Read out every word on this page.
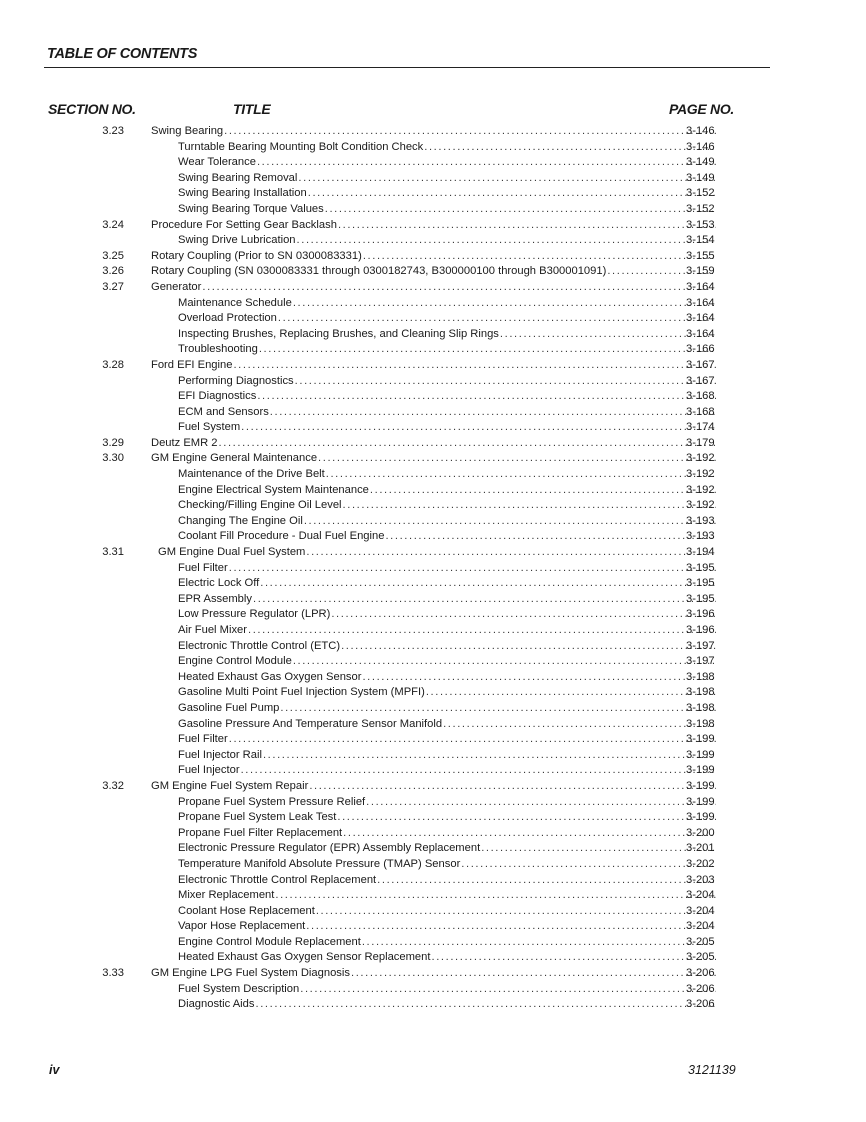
TABLE OF CONTENTS
SECTION NO.	TITLE	PAGE NO.
3.23 Swing Bearing .....	3-146
Turntable Bearing Mounting Bolt Condition Check .....	3-146
Wear Tolerance .....	3-149
Swing Bearing Removal .....	3-149
Swing Bearing Installation .....	3-152
Swing Bearing Torque Values .....	3-152
3.24 Procedure For Setting Gear Backlash .....	3-153
Swing Drive Lubrication .....	3-154
3.25 Rotary Coupling (Prior to SN 0300083331) .....	3-155
3.26 Rotary Coupling (SN 0300083331 through 0300182743, B300000100 through B300001091) .....	3-159
3.27 Generator .....	3-164
Maintenance Schedule .....	3-164
Overload Protection .....	3-164
Inspecting Brushes, Replacing Brushes, and Cleaning Slip Rings .....	3-164
Troubleshooting .....	3-166
3.28 Ford EFI Engine .....	3-167
Performing Diagnostics .....	3-167
EFI Diagnostics .....	3-168
ECM and Sensors .....	3-168
Fuel System .....	3-174
3.29 Deutz EMR 2 .....	3-179
3.30 GM Engine General Maintenance .....	3-192
Maintenance of the Drive Belt .....	3-192
Engine Electrical System Maintenance .....	3-192
Checking/Filling Engine Oil Level .....	3-192
Changing The Engine Oil .....	3-193
Coolant Fill Procedure - Dual Fuel Engine .....	3-193
3.31	GM Engine Dual Fuel System .....	3-194
Fuel Filter .....	3-195
Electric Lock Off .....	3-195
EPR Assembly .....	3-195
Low Pressure Regulator (LPR) .....	3-196
Air Fuel Mixer .....	3-196
Electronic Throttle Control (ETC) .....	3-197
Engine Control Module .....	3-197
Heated Exhaust Gas Oxygen Sensor .....	3-198
Gasoline Multi Point Fuel Injection System (MPFI) .....	3-198
Gasoline Fuel Pump .....	3-198
Gasoline Pressure And Temperature Sensor Manifold .....	3-198
Fuel Filter .....	3-199
Fuel Injector Rail .....	3-199
Fuel Injector .....	3-199
3.32 GM Engine Fuel System Repair .....	3-199
Propane Fuel System Pressure Relief .....	3-199
Propane Fuel System Leak Test .....	3-199
Propane Fuel Filter Replacement .....	3-200
Electronic Pressure Regulator (EPR) Assembly Replacement .....	3-201
Temperature Manifold Absolute Pressure (TMAP) Sensor .....	3-202
Electronic Throttle Control Replacement .....	3-203
Mixer Replacement .....	3-204
Coolant Hose Replacement .....	3-204
Vapor Hose Replacement .....	3-204
Engine Control Module Replacement .....	3-205
Heated Exhaust Gas Oxygen Sensor Replacement .....	3-205
3.33 GM Engine LPG Fuel System Diagnosis .....	3-206
Fuel System Description .....	3-206
Diagnostic Aids .....	3-206
iv	3121139
